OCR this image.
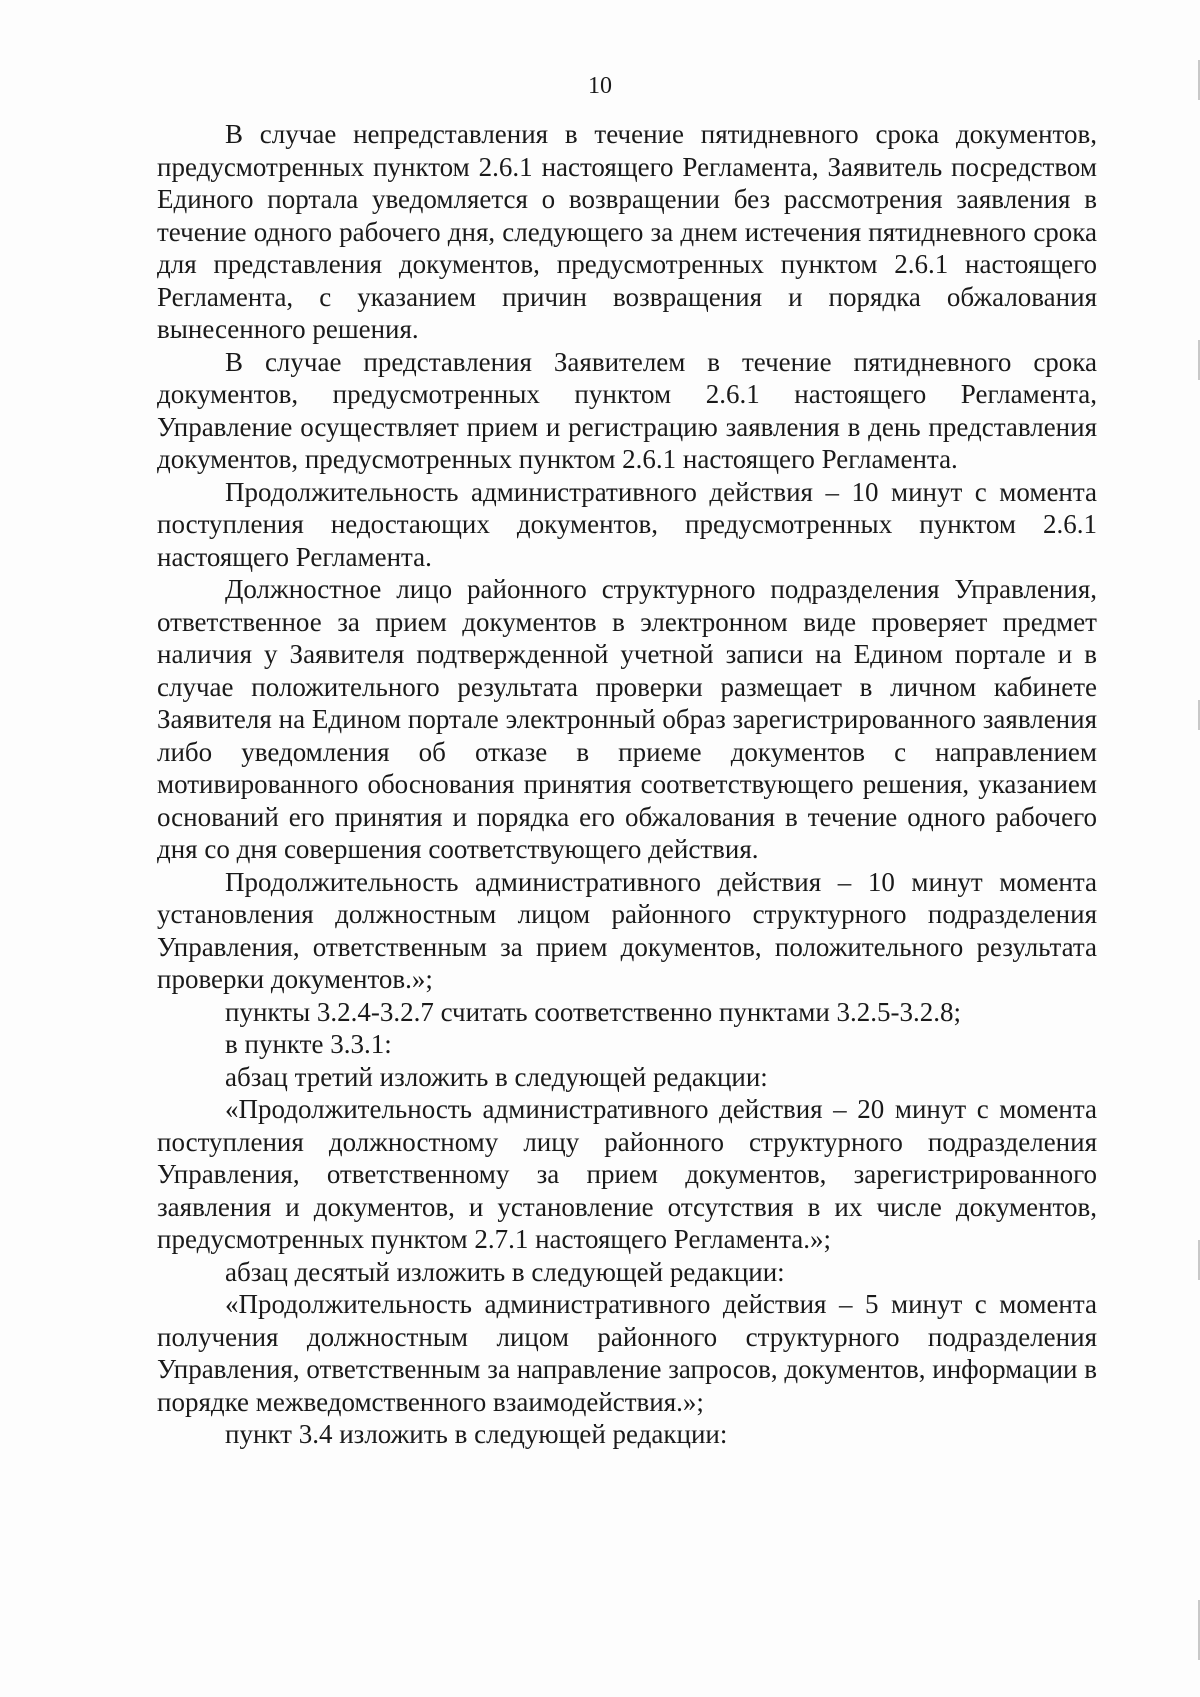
10

В случае непредставления в течение пятидневного срока документов, предусмотренных пунктом 2.6.1 настоящего Регламента, Заявитель посредством Единого портала уведомляется о возвращении без рассмотрения заявления в течение одного рабочего дня, следующего за днем истечения пятидневного срока для представления документов, предусмотренных пунктом 2.6.1 настоящего Регламента, с указанием причин возвращения и порядка обжалования вынесенного решения.

В случае представления Заявителем в течение пятидневного срока документов, предусмотренных пунктом 2.6.1 настоящего Регламента, Управление осуществляет прием и регистрацию заявления в день представления документов, предусмотренных пунктом 2.6.1 настоящего Регламента.

Продолжительность административного действия – 10 минут с момента поступления недостающих документов, предусмотренных пунктом 2.6.1 настоящего Регламента.

Должностное лицо районного структурного подразделения Управления, ответственное за прием документов в электронном виде проверяет предмет наличия у Заявителя подтвержденной учетной записи на Едином портале и в случае положительного результата проверки размещает в личном кабинете Заявителя на Едином портале электронный образ зарегистрированного заявления либо уведомления об отказе в приеме документов с направлением мотивированного обоснования принятия соответствующего решения, указанием оснований его принятия и порядка его обжалования в течение одного рабочего дня со дня совершения соответствующего действия.

Продолжительность административного действия – 10 минут момента установления должностным лицом районного структурного подразделения Управления, ответственным за прием документов, положительного результата проверки документов.»;

пункты 3.2.4-3.2.7 считать соответственно пунктами 3.2.5-3.2.8;

в пункте 3.3.1:

абзац третий изложить в следующей редакции:

«Продолжительность административного действия – 20 минут с момента поступления должностному лицу районного структурного подразделения Управления, ответственному за прием документов, зарегистрированного заявления и документов, и установление отсутствия в их числе документов, предусмотренных пунктом 2.7.1 настоящего Регламента.»;

абзац десятый изложить в следующей редакции:

«Продолжительность административного действия – 5 минут с момента получения должностным лицом районного структурного подразделения Управления, ответственным за направление запросов, документов, информации в порядке межведомственного взаимодействия.»;

пункт 3.4 изложить в следующей редакции:
